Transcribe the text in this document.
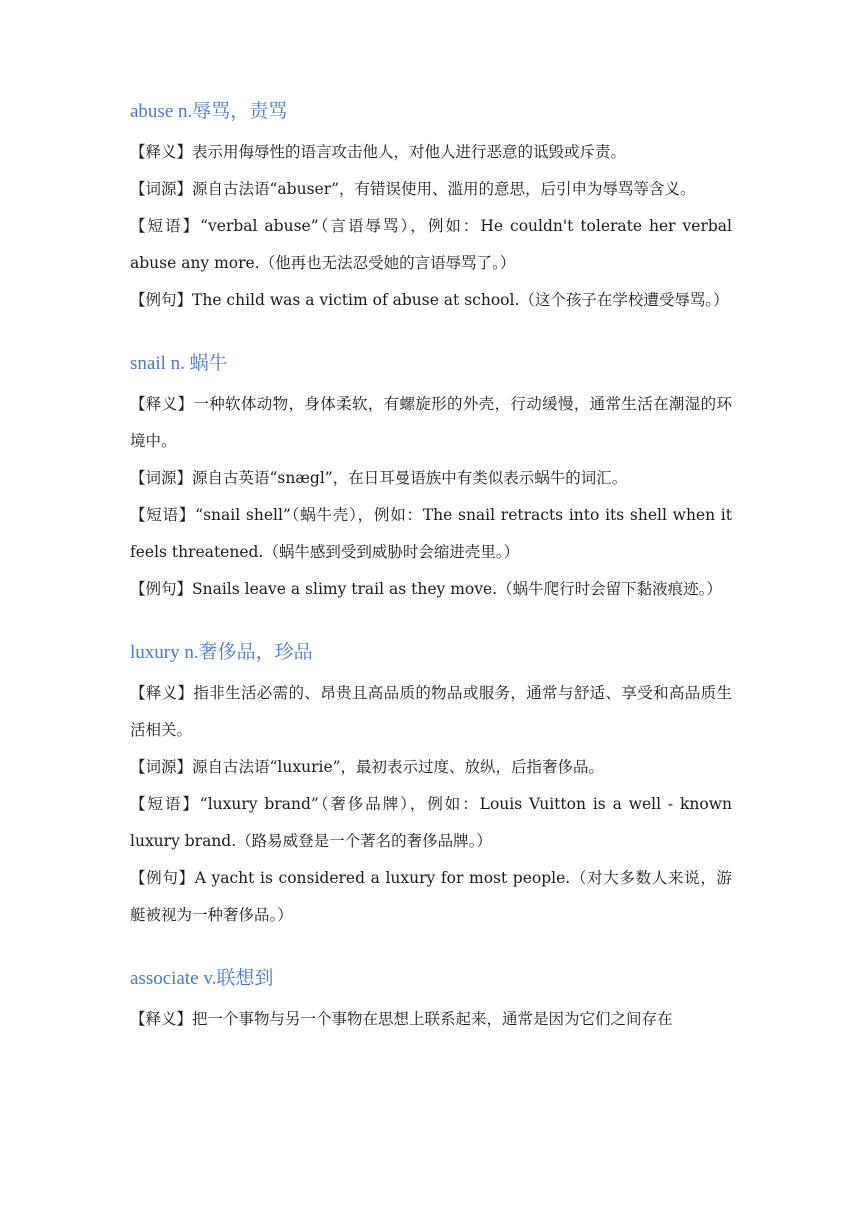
abuse n.辱骂，责骂

【释义】表示用侮辱性的语言攻击他人，对他人进行恶意的诋毁或斥责。

【词源】源自古法语“abuser”，有错误使用、滥用的意思，后引申为辱骂等含义。

【短语】“verbal abuse”（言语辱骂），例如：He couldn't tolerate her verbal abuse any more.（他再也无法忍受她的言语辱骂了。）

【例句】The child was a victim of abuse at school.（这个孩子在学校遭受辱骂。）

snail n. 蜗牛

【释义】一种软体动物，身体柔软，有螺旋形的外壳，行动缓慢，通常生活在潮湿的环境中。

【词源】源自古英语“snægl”，在日耳曼语族中有类似表示蜗牛的词汇。

【短语】“snail shell”（蜗牛壳），例如：The snail retracts into its shell when it feels threatened.（蜗牛感到受到威胁时会缩进壳里。）

【例句】Snails leave a slimy trail as they move.（蜗牛爬行时会留下黏液痕迹。）

luxury n.奢侈品，珍品

【释义】指非生活必需的、昂贵且高品质的物品或服务，通常与舒适、享受和高品质生活相关。

【词源】源自古法语“luxurie”，最初表示过度、放纵，后指奢侈品。

【短语】“luxury brand”（奢侈品牌），例如：Louis Vuitton is a well - known luxury brand.（路易威登是一个著名的奢侈品牌。）

【例句】A yacht is considered a luxury for most people.（对大多数人来说，游艇被视为一种奢侈品。）

associate v.联想到

【释义】把一个事物与另一个事物在思想上联系起来，通常是因为它们之间存在
